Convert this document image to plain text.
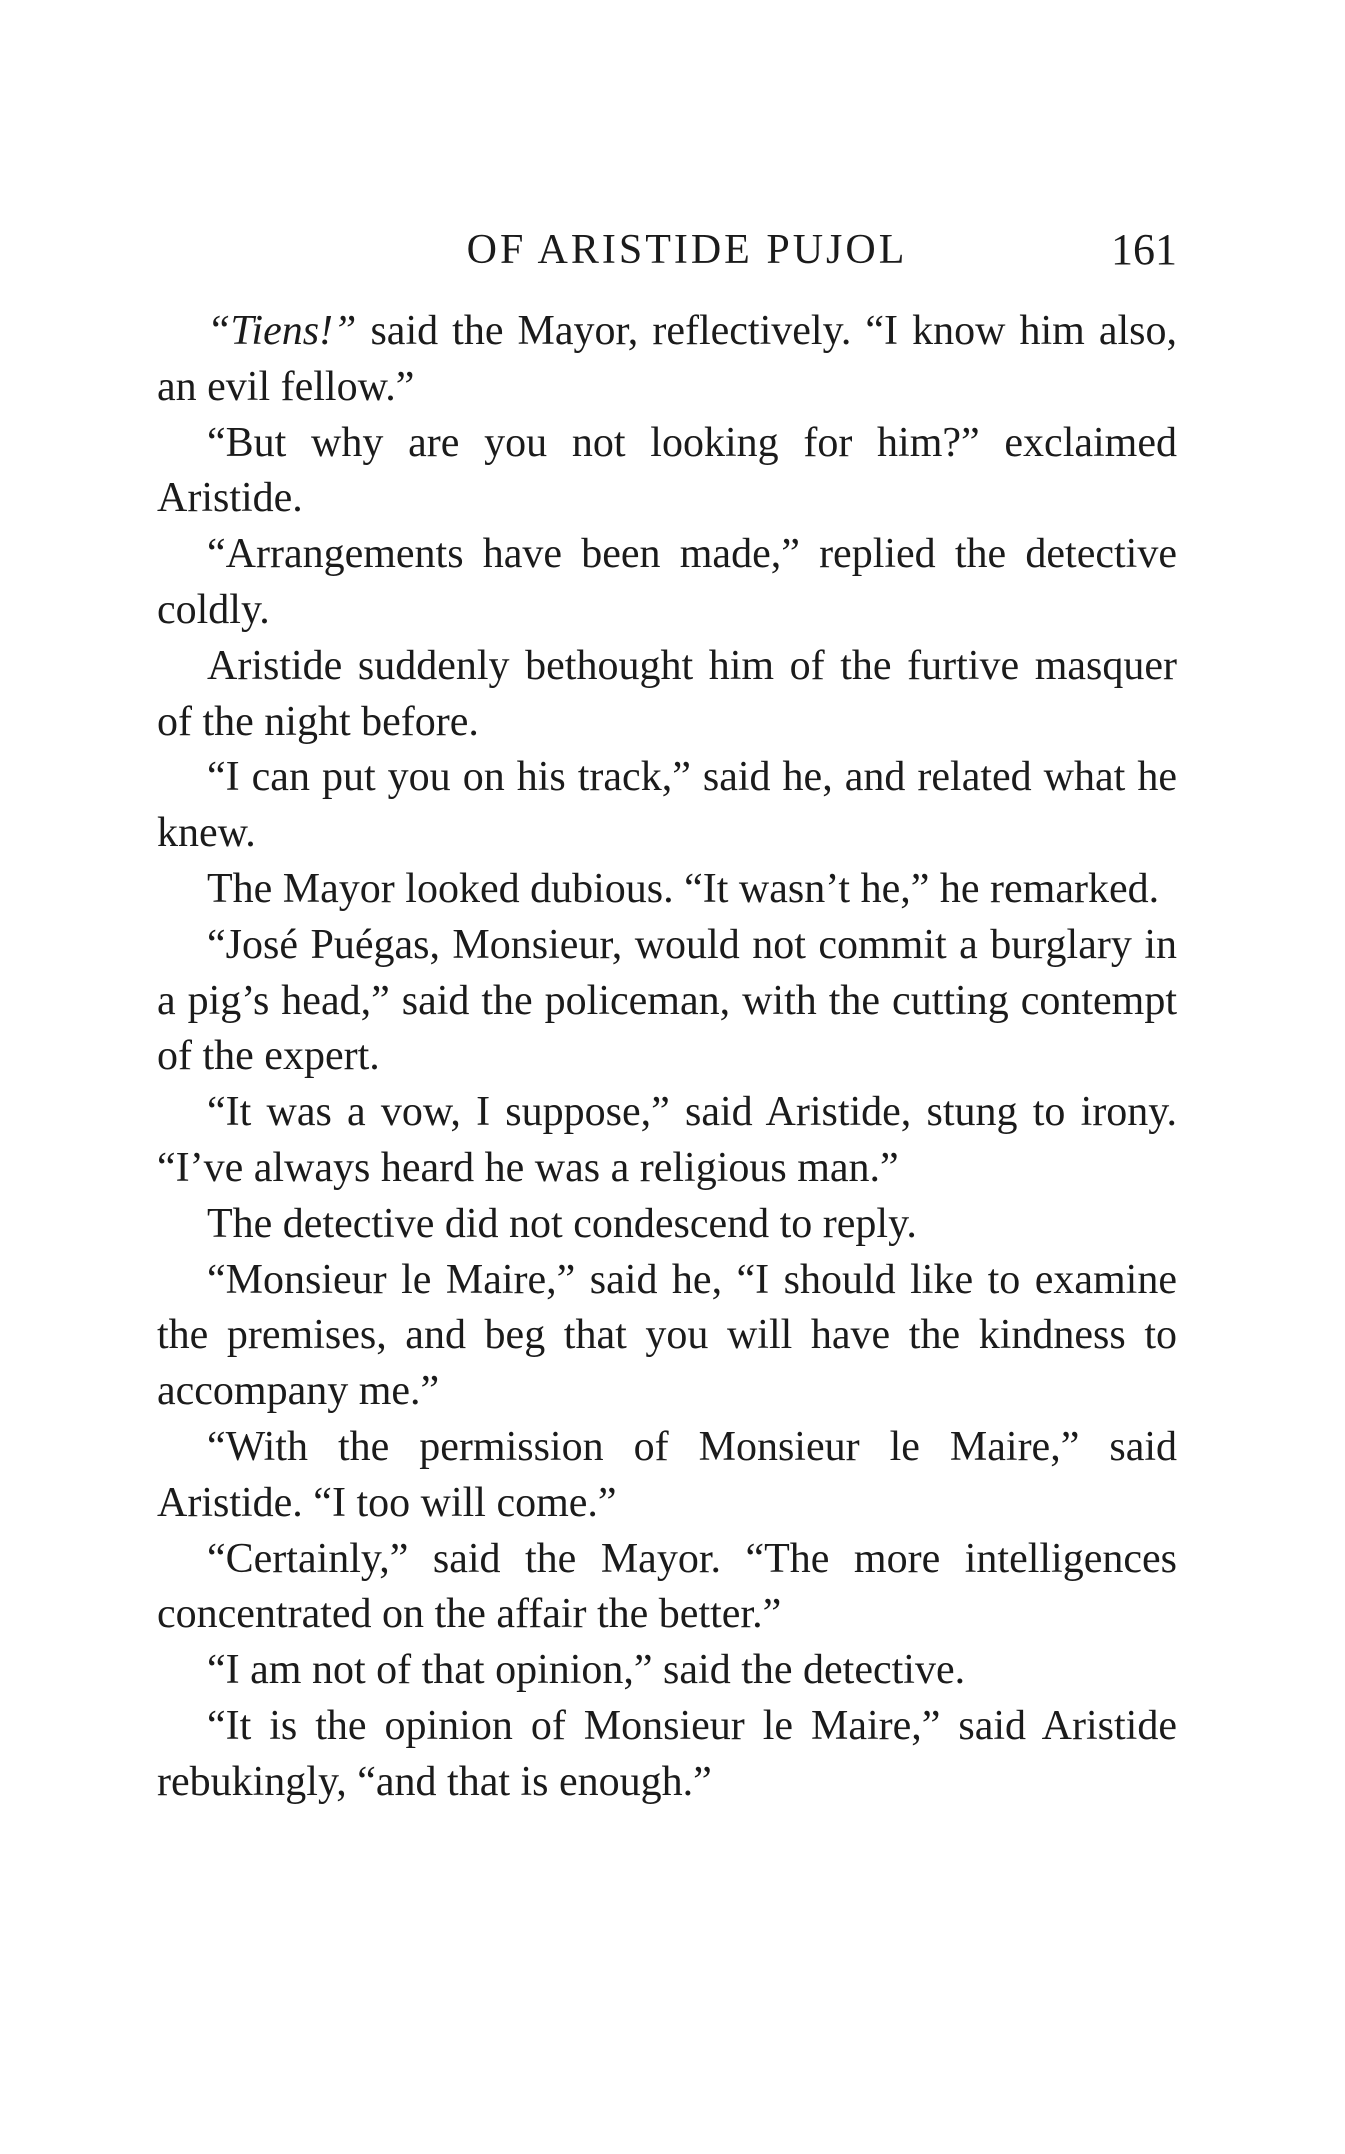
OF ARISTIDE PUJOL	161

“Tiens!” said the Mayor, reflectively. “I know him also, an evil fellow.”

“But why are you not looking for him?” exclaimed Aristide.

“Arrangements have been made,” replied the detective coldly.

Aristide suddenly bethought him of the furtive masquer of the night before.

“I can put you on his track,” said he, and related what he knew.

The Mayor looked dubious. “It wasn’t he,” he remarked.

“José Puégas, Monsieur, would not commit a burglary in a pig’s head,” said the policeman, with the cutting contempt of the expert.

“It was a vow, I suppose,” said Aristide, stung to irony. “I’ve always heard he was a religious man.”

The detective did not condescend to reply.

“Monsieur le Maire,” said he, “I should like to examine the premises, and beg that you will have the kindness to accompany me.”

“With the permission of Monsieur le Maire,” said Aristide. “I too will come.”

“Certainly,” said the Mayor. “The more intelligences concentrated on the affair the better.”

“I am not of that opinion,” said the detective.

“It is the opinion of Monsieur le Maire,” said Aristide rebukingly, “and that is enough.”
